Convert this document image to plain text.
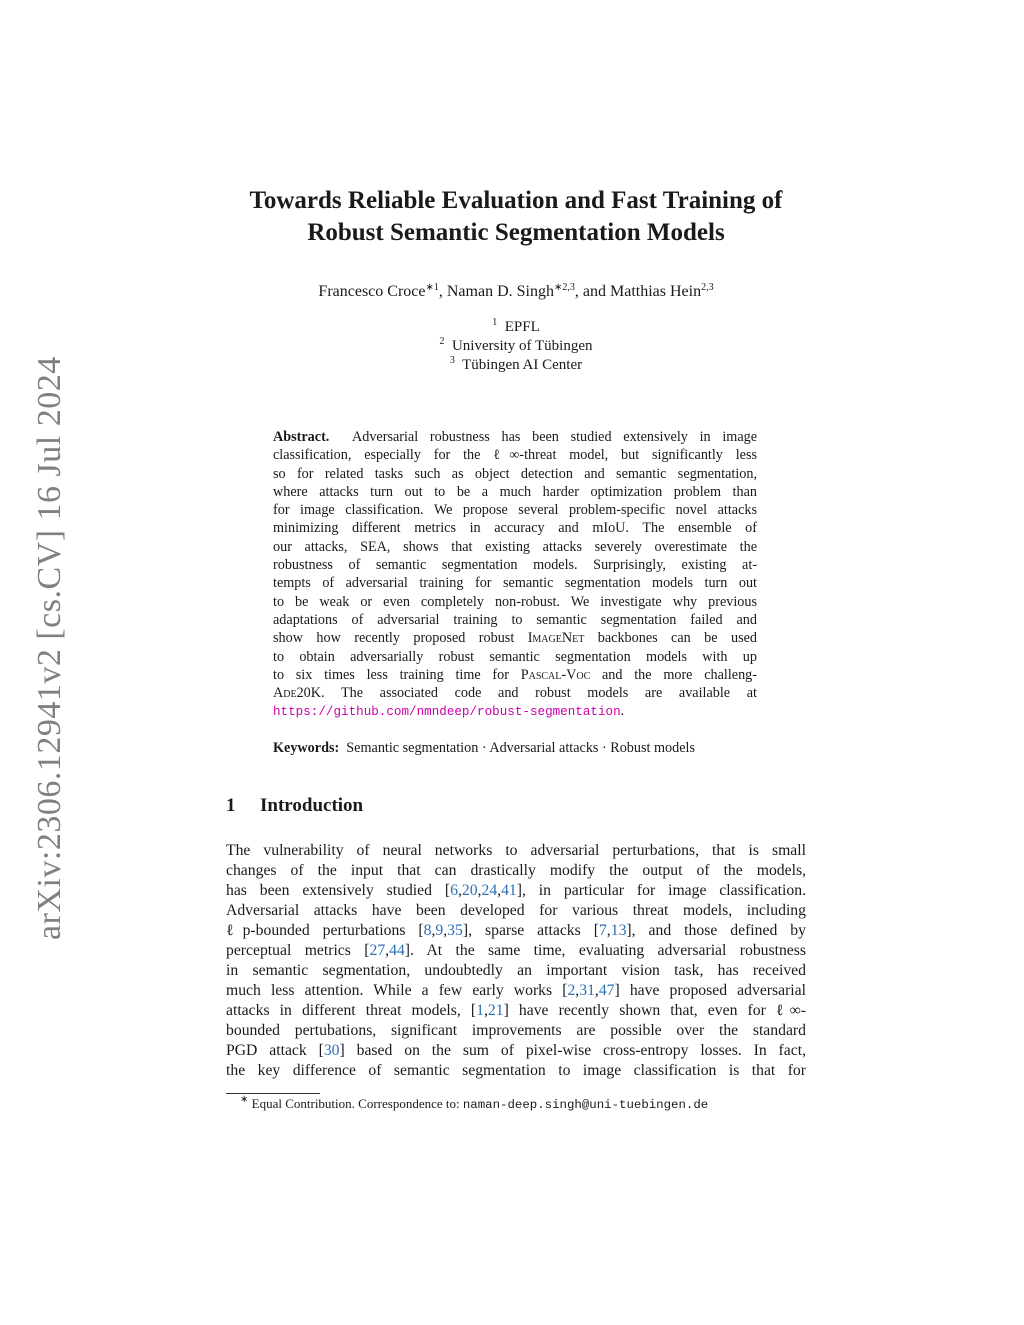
arXiv:2306.12941v2 [cs.CV] 16 Jul 2024
Towards Reliable Evaluation and Fast Training of
Robust Semantic Segmentation Models
Francesco Croce$^{∗1}$, Naman D. Singh$^{∗2,3}$, and Matthias Hein$^{2,3}$
$^1$ EPFL
$^2$ University of Tübingen
$^3$ Tübingen AI Center
Abstract. Adversarial robustness has been studied extensively in image
classification, especially for the ℓ∞-threat model, but significantly less
so for related tasks such as object detection and semantic segmentation,
where attacks turn out to be a much harder optimization problem than
for image classification. We propose several problem-specific novel attacks
minimizing different metrics in accuracy and mIoU. The ensemble of
our attacks, SEA, shows that existing attacks severely overestimate the
robustness of semantic segmentation models. Surprisingly, existing at-
tempts of adversarial training for semantic segmentation models turn out
to be weak or even completely non-robust. We investigate why previous
adaptations of adversarial training to semantic segmentation failed and
show how recently proposed robust ImageNet backbones can be used
to obtain adversarially robust semantic segmentation models with up
to six times less training time for Pascal-Voc and the more challeng-
Ade20K. The associated code and robust models are available at
https://github.com/nmndeep/robust-segmentation.
Keywords: Semantic segmentation · Adversarial attacks · Robust models
1 Introduction
The vulnerability of neural networks to adversarial perturbations, that is small
changes of the input that can drastically modify the output of the models,
has been extensively studied [6,20,24,41], in particular for image classification.
Adversarial attacks have been developed for various threat models, including
ℓp-bounded perturbations [8,9,35], sparse attacks [7,13], and those defined by
perceptual metrics [27,44]. At the same time, evaluating adversarial robustness
in semantic segmentation, undoubtedly an important vision task, has received
much less attention. While a few early works [2,31,47] have proposed adversarial
attacks in different threat models, [1,21] have recently shown that, even for ℓ∞-
bounded pertubations, significant improvements are possible over the standard
PGD attack [30] based on the sum of pixel-wise cross-entropy losses. In fact,
the key difference of semantic segmentation to image classification is that for
∗ Equal Contribution. Correspondence to: naman-deep.singh@uni-tuebingen.de
